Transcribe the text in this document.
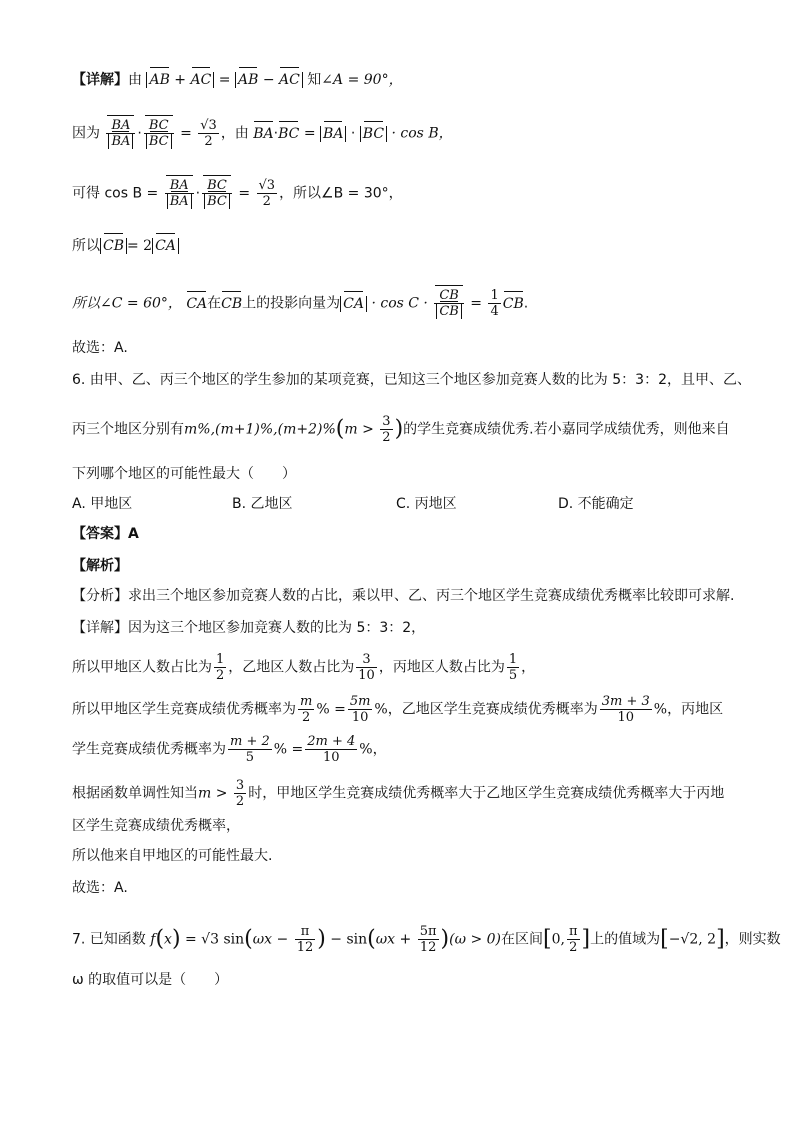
【详解】由 AB + AC = AB − AC 知∠A = 90°，
因为 $\frac{BA}{BA} \cdot \frac{BC}{BC} = \frac{√3}{2}$ ，由 BA·BC = BA · BC · cos B，
可得 $\cos B = \frac{BA}{BA} \cdot \frac{BC}{BC} = \frac{√3}{2}$ ，所以∠B = 30°，
所以 CB = 2 CA
所以∠C = 60°， CA在CB上的投影向量为 CA · $\cos C \cdot \frac{CB}{CB} = \frac{1}{4}$ CB.
故选：A.
6. 由甲、乙、丙三个地区的学生参加的某项竞赛，已知这三个地区参加竞赛人数的比为 5：3：2，且甲、乙、
丙三个地区分别有$m\%,(m+1)\%,(m+2)\%(m > \frac{3}{2}$ )的学生竞赛成绩优秀.若小嘉同学成绩优秀，则他来自
下列哪个地区的可能性最大（　　）
A. 甲地区	B. 乙地区	C. 丙地区	D. 不能确定
【答案】A
【解析】
【分析】求出三个地区参加竞赛人数的占比，乘以甲、乙、丙三个地区学生竞赛成绩优秀概率比较即可求解.
【详解】因为这三个地区参加竞赛人数的比为 5：3：2，
所以甲地区人数占比为 $\frac{1}{2}$ ，乙地区人数占比为 $\frac{3}{10}$ ，丙地区人数占比为 $\frac{1}{5}$ ，
所以甲地区学生竞赛成绩优秀概率为 $\frac{m}{2}$ % = $\frac{5m}{10}$ %，乙地区学生竞赛成绩优秀概率为 $\frac{3m + 3}{10}$ %，丙地区
学生竞赛成绩优秀概率为 $\frac{m + 2}{5}$ % = $\frac{2m + 4}{10}$ %，
根据函数单调性知当$m > \frac{3}{2}$ 时，甲地区学生竞赛成绩优秀概率大于乙地区学生竞赛成绩优秀概率大于丙地
区学生竞赛成绩优秀概率，
所以他来自甲地区的可能性最大.
故选：A.
7. 已知函数 f(x) = √3 $\sin(\omega x - \frac{\pi}{12}$ ) − $\sin(\omega x + \frac{5\pi}{12} )(\omega > 0)$在区间[0, $\frac{\pi}{2}$ ]上的值域为[−√2, 2]，则实数
ω 的取值可以是（　　）
